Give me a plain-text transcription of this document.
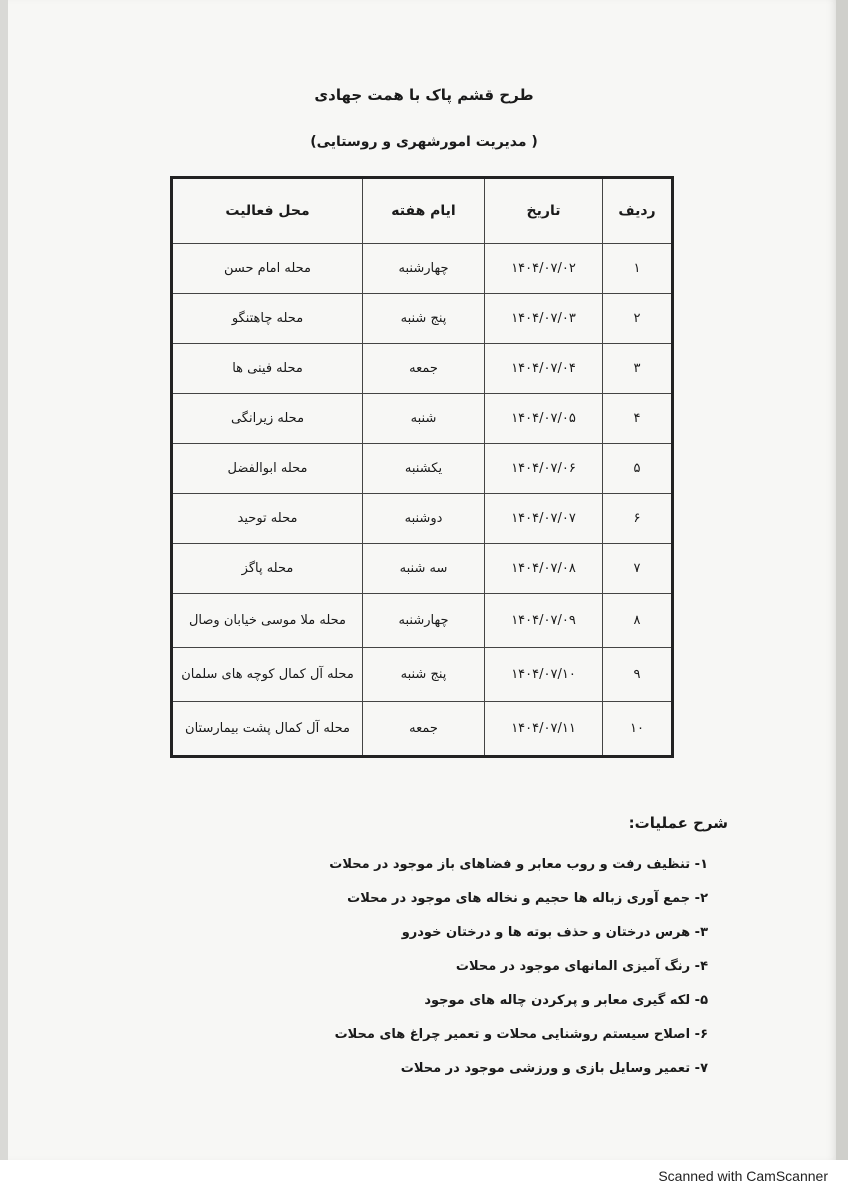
طرح قشم پاک با همت جهادی
( مدیریت امورشهری و روستایی)
ردیف	تاریخ	ایام هفته	محل فعالیت
۱	۱۴۰۴/۰۷/۰۲	چهارشنبه	محله امام حسن
۲	۱۴۰۴/۰۷/۰۳	پنج شنبه	محله چاهتنگو
۳	۱۴۰۴/۰۷/۰۴	جمعه	محله فینی ها
۴	۱۴۰۴/۰۷/۰۵	شنبه	محله زیرانگی
۵	۱۴۰۴/۰۷/۰۶	یکشنبه	محله ابوالفضل
۶	۱۴۰۴/۰۷/۰۷	دوشنبه	محله توحید
۷	۱۴۰۴/۰۷/۰۸	سه شنبه	محله پاگز
۸	۱۴۰۴/۰۷/۰۹	چهارشنبه	محله ملا موسی خیابان وصال
۹	۱۴۰۴/۰۷/۱۰	پنج شنبه	محله آل کمال کوچه های سلمان
۱۰	۱۴۰۴/۰۷/۱۱	جمعه	محله آل کمال پشت بیمارستان
شرح عملیات:
۱- تنظیف رفت و روب معابر و فضاهای باز موجود در محلات
۲- جمع آوری زباله ها حجیم و نخاله های موجود در محلات
۳- هرس درختان و حذف بوته ها و درختان خودرو
۴- رنگ آمیزی المانهای موجود در محلات
۵- لکه گیری معابر و پرکردن چاله های موجود
۶- اصلاح سیستم روشنایی محلات و تعمیر چراغ های محلات
۷- تعمیر وسایل بازی و ورزشی موجود در محلات
Scanned with CamScanner
